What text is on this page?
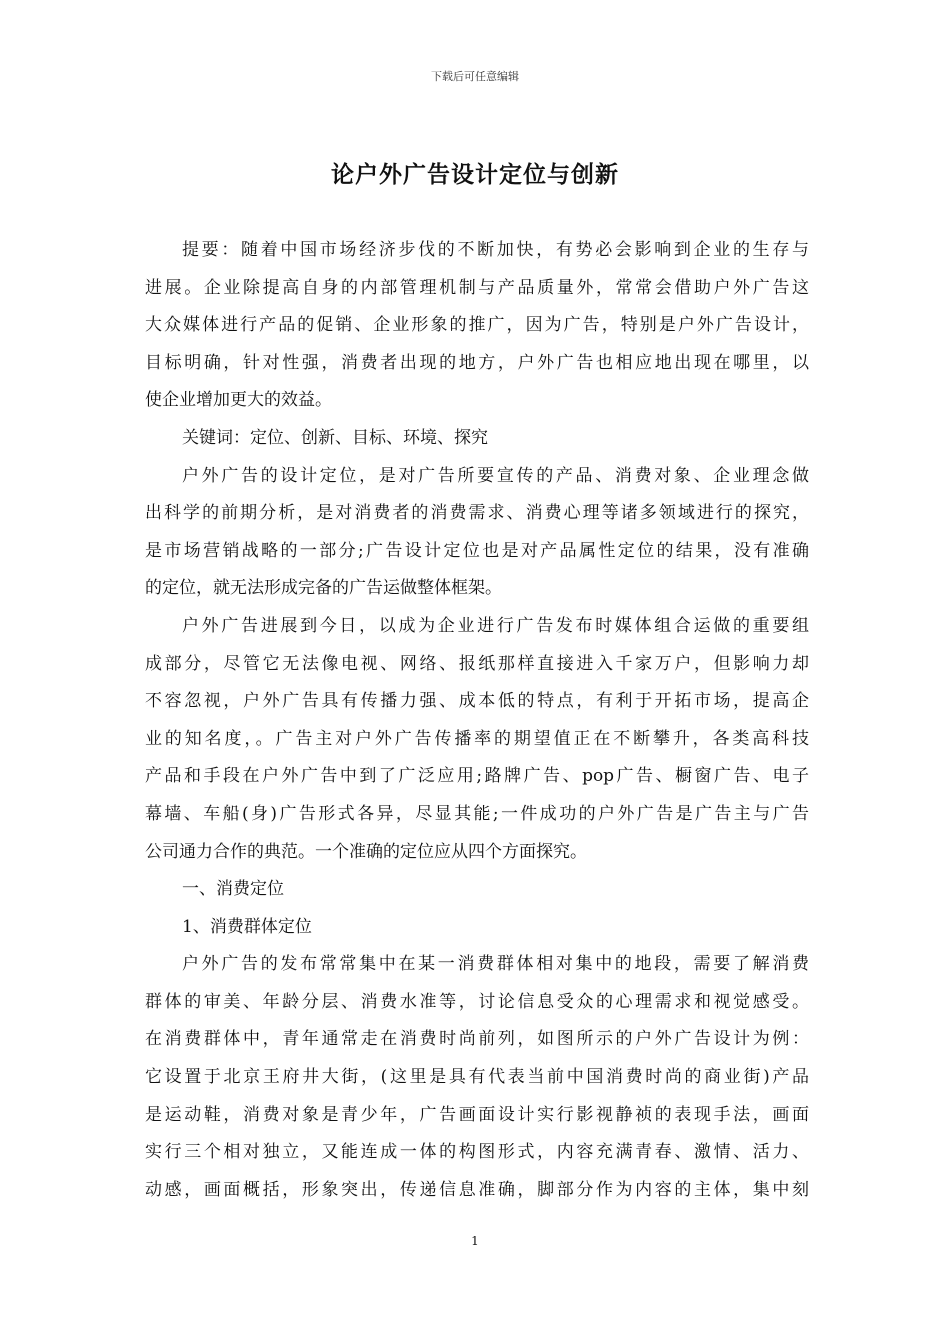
下载后可任意编辑
论户外广告设计定位与创新
提要：随着中国市场经济步伐的不断加快，有势必会影响到企业的生存与
进展。企业除提高自身的内部管理机制与产品质量外，常常会借助户外广告这
大众媒体进行产品的促销、企业形象的推广，因为广告，特别是户外广告设计，
目标明确，针对性强，消费者出现的地方，户外广告也相应地出现在哪里，以
使企业增加更大的效益。
关键词：定位、创新、目标、环境、探究
户外广告的设计定位，是对广告所要宣传的产品、消费对象、企业理念做
出科学的前期分析，是对消费者的消费需求、消费心理等诸多领域进行的探究，
是市场营销战略的一部分;广告设计定位也是对产品属性定位的结果，没有准确
的定位，就无法形成完备的广告运做整体框架。
户外广告进展到今日，以成为企业进行广告发布时媒体组合运做的重要组
成部分，尽管它无法像电视、网络、报纸那样直接进入千家万户，但影响力却
不容忽视，户外广告具有传播力强、成本低的特点，有利于开拓市场，提高企
业的知名度，。广告主对户外广告传播率的期望值正在不断攀升，各类高科技
产品和手段在户外广告中到了广泛应用;路牌广告、pop广告、橱窗广告、电子
幕墙、车船(身)广告形式各异，尽显其能;一件成功的户外广告是广告主与广告
公司通力合作的典范。一个准确的定位应从四个方面探究。
一、消费定位
1、消费群体定位
户外广告的发布常常集中在某一消费群体相对集中的地段，需要了解消费
群体的审美、年龄分层、消费水准等，讨论信息受众的心理需求和视觉感受。
在消费群体中，青年通常走在消费时尚前列，如图所示的户外广告设计为例：
它设置于北京王府井大街，(这里是具有代表当前中国消费时尚的商业街)产品
是运动鞋，消费对象是青少年，广告画面设计实行影视静祯的表现手法，画面
实行三个相对独立，又能连成一体的构图形式，内容充满青春、激情、活力、
动感，画面概括，形象突出，传递信息准确，脚部分作为内容的主体，集中刻
1
